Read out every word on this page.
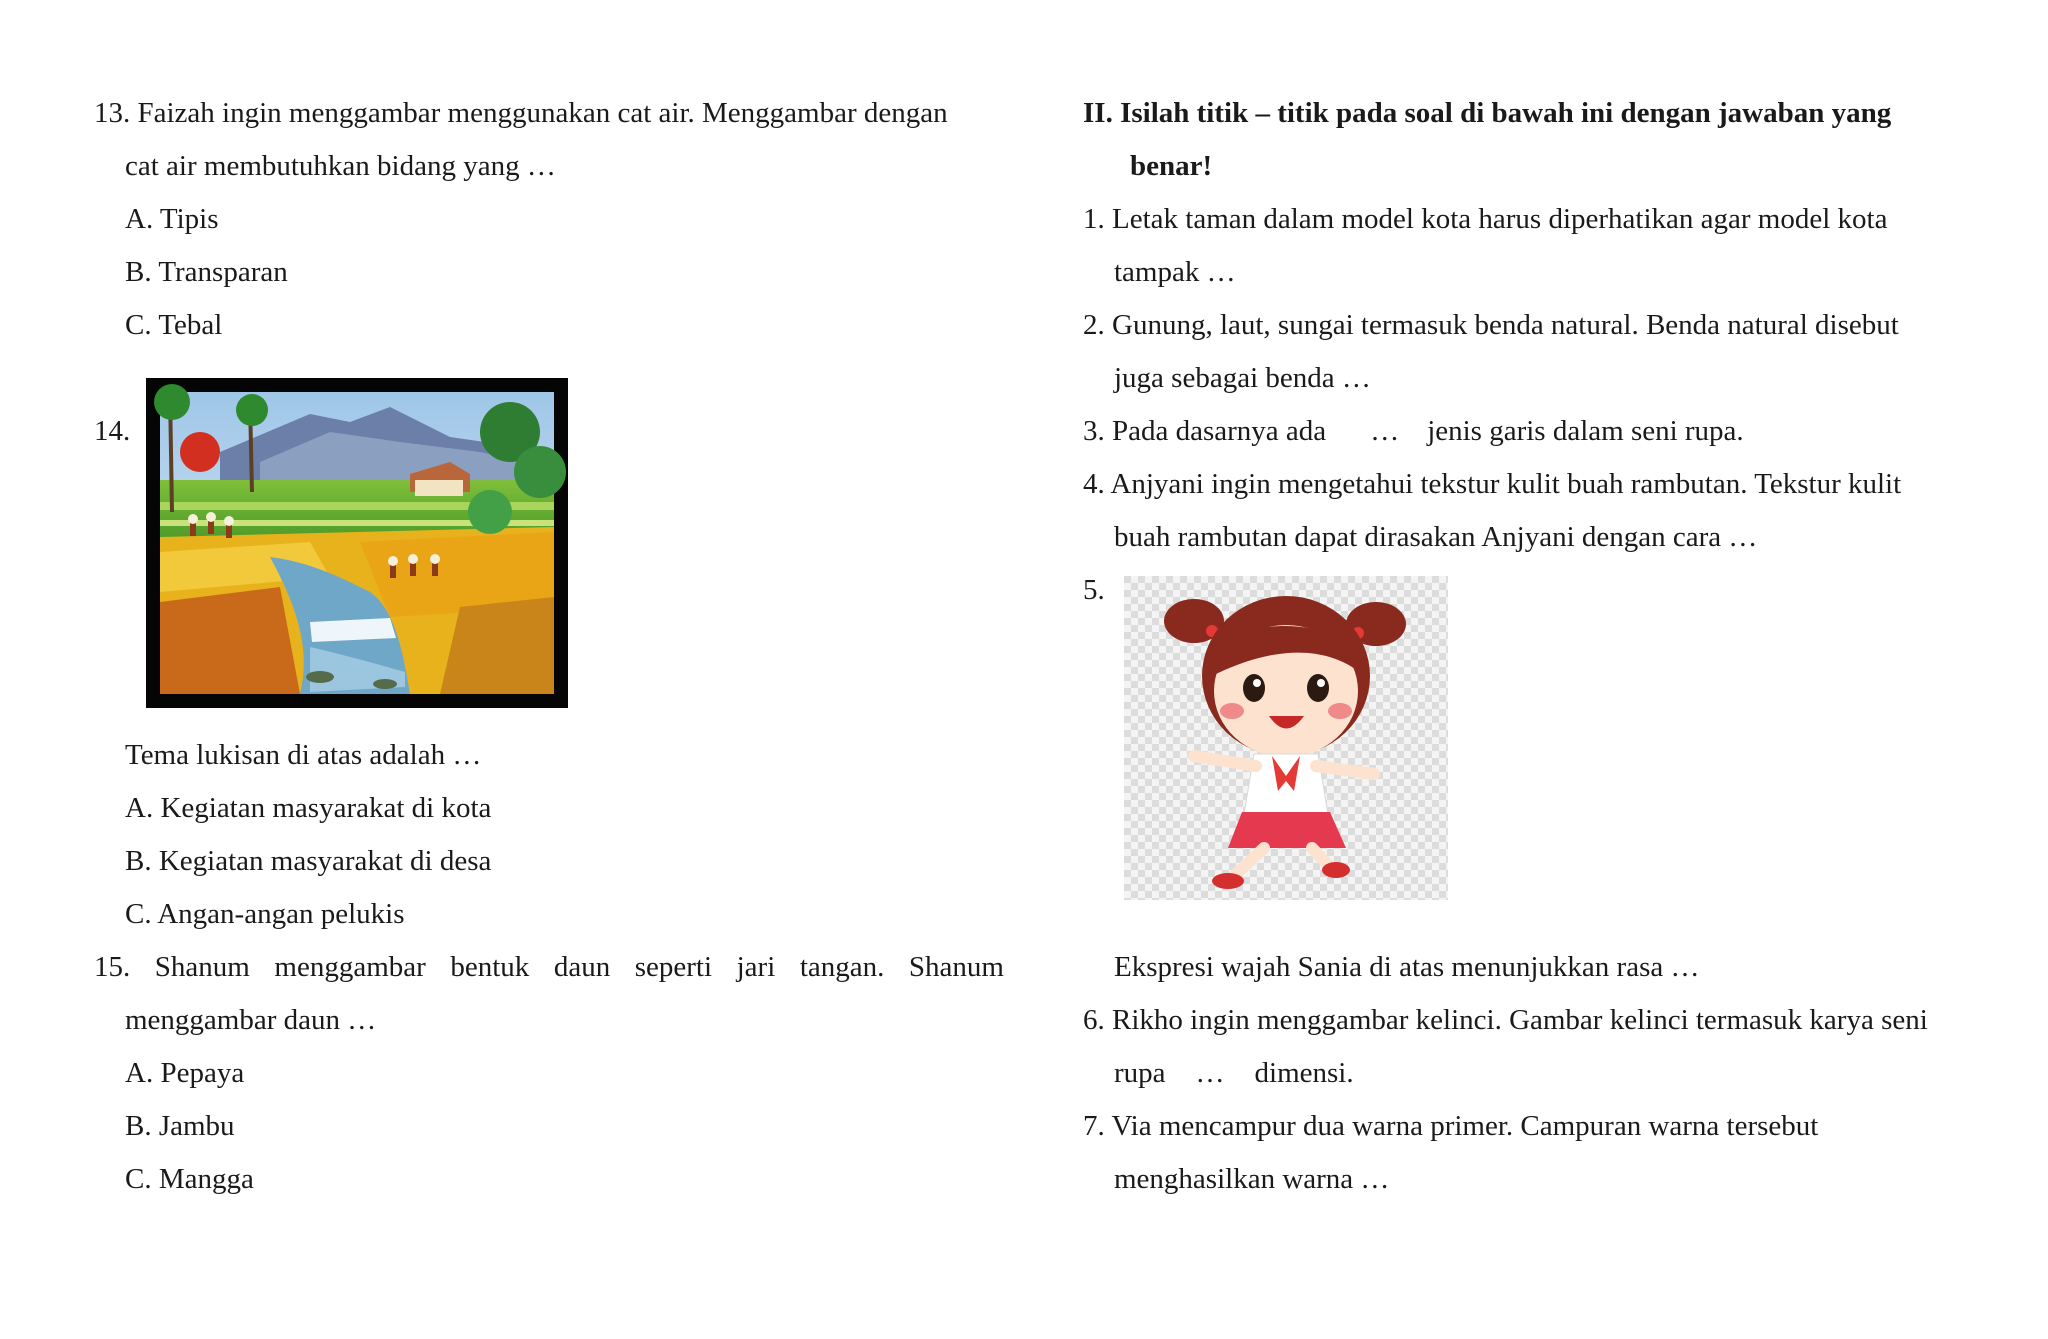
13. Faizah ingin menggambar menggunakan cat air. Menggambar dengan
cat air membutuhkan bidang yang …
A. Tipis
B. Transparan
C. Tebal
14.
Tema lukisan di atas adalah …
A. Kegiatan masyarakat di kota
B. Kegiatan masyarakat di desa
C. Angan-angan pelukis
15. Shanum menggambar bentuk daun seperti jari tangan. Shanum
menggambar daun …
A. Pepaya
B. Jambu
C. Mangga
II. Isilah titik – titik pada soal di bawah ini dengan jawaban yang
benar!
1. Letak taman dalam model kota harus diperhatikan agar model kota
tampak …
2. Gunung, laut, sungai termasuk benda natural. Benda natural disebut
juga sebagai benda …
3. Pada dasarnya ada … jenis garis dalam seni rupa.
4. Anjyani ingin mengetahui tekstur kulit buah rambutan. Tekstur kulit
buah rambutan dapat dirasakan Anjyani dengan cara …
5.
Ekspresi wajah Sania di atas menunjukkan rasa …
6. Rikho ingin menggambar kelinci. Gambar kelinci termasuk karya seni
rupa … dimensi.
7. Via mencampur dua warna primer. Campuran warna tersebut
menghasilkan warna …
